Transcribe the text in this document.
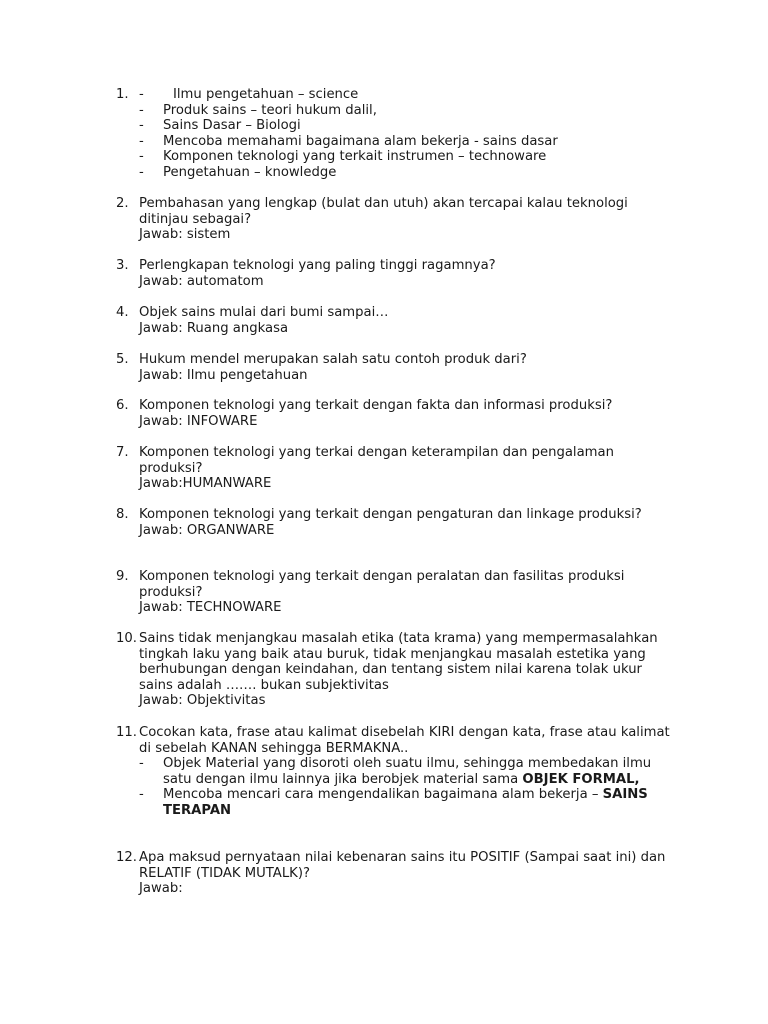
1. - Ilmu pengetahuan – science
- Produk sains – teori hukum dalil,
- Sains Dasar – Biologi
- Mencoba memahami bagaimana alam bekerja - sains dasar
- Komponen teknologi yang terkait instrumen – technoware
- Pengetahuan – knowledge
2. Pembahasan yang lengkap (bulat dan utuh) akan tercapai kalau teknologi ditinjau sebagai?

Jawab: sistem

3. Perlengkapan teknologi yang paling tinggi ragamnya?

Jawab: automatom

4. Objek sains mulai dari bumi sampai…

Jawab: Ruang angkasa

5. Hukum mendel merupakan salah satu contoh produk dari?

Jawab: Ilmu pengetahuan

6. Komponen teknologi yang terkait dengan fakta dan informasi produksi?

Jawab: INFOWARE

7. Komponen teknologi yang terkai dengan keterampilan dan pengalaman produksi?

Jawab:HUMANWARE

8. Komponen teknologi yang terkait dengan pengaturan dan linkage produksi?

Jawab: ORGANWARE

9. Komponen teknologi yang terkait dengan peralatan dan fasilitas produksi produksi?

Jawab: TECHNOWARE

10. Sains tidak menjangkau masalah etika (tata krama) yang mempermasalahkan tingkah laku yang baik atau buruk, tidak menjangkau masalah estetika yang berhubungan dengan keindahan, dan tentang sistem nilai karena tolak ukur sains adalah ……. bukan subjektivitas

Jawab: Objektivitas

11. Cocokan kata, frase atau kalimat disebelah KIRI dengan kata, frase atau kalimat di sebelah KANAN sehingga BERMAKNA..

- Objek Material yang disoroti oleh suatu ilmu, sehingga membedakan ilmu satu dengan ilmu lainnya jika berobjek material sama OBJEK FORMAL,
- Mencoba mencari cara mengendalikan bagaimana alam bekerja – SAINS TERAPAN
12. Apa maksud pernyataan nilai kebenaran sains itu POSITIF (Sampai saat ini) dan RELATIF (TIDAK MUTALK)?

Jawab:
